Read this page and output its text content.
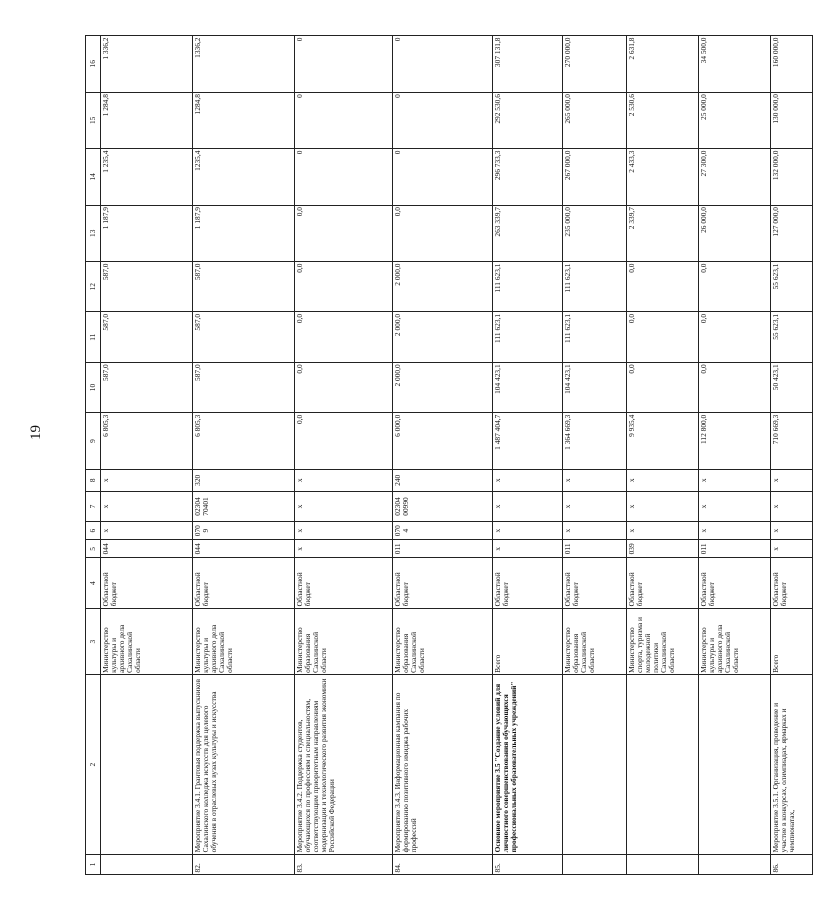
19
1	2	3	4	5	6	7	8	9	10	11	12	13	14	15	16
		Министерство культуры и архивного дела Сахалинской области	Областной бюджет	044	x	x	x	6 805,3	587,0	587,0	587,0	1 187,9	1 235,4	1 284,8	1 336,2
82.	Мероприятие 3.4.1. Грантовая поддержка выпускников Сахалинского колледжа искусств для целевого обучения в отраслевых вузах культуры и искусства	Министерство культуры и архивного дела Сахалинской области	Областной бюджет	044	070 9	02304 70401	320	6 805,3	587,0	587,0	587,0	1 187,9	1235,4	1284,8	1336,2
83.	Мероприятие 3.4.2. Поддержка студентов, обучающихся по профессиям и специальностям, соответствующим приоритетным направлениям модернизации и технологического развития экономики Российской Федерации	Министерство образования Сахалинской области	Областной бюджет	x	x	x	x	0,0	0,0	0,0	0,0	0,0	0	0	0
84.	Мероприятие 3.4.3. Информационная кампания по формированию позитивного имиджа рабочих профессий	Министерство образования Сахалинской области	Областной бюджет	011	070 4	02304 00990	240	6 000,0	2 000,0	2 000,0	2 000,0	0,0	0	0	0
85.	Основное мероприятие 3.5 "Создание условий для личностного совершенствования обучающихся профессиональных образовательных учреждений"	Всего	Областной бюджет	x	x	x	x	1 487 404,7	104 423,1	111 623,1	111 623,1	263 339,7	296 733,3	292 530,6	307 131,8
		Министерство образования Сахалинской области	Областной бюджет	011	x	x	x	1 364 669,3	104 423,1	111 623,1	111 623,1	235 000,0	267 000,0	265 000,0	270 000,0
		Министерство спорта, туризма и молодежной политики Сахалинской области	Областной бюджет	039	x	x	x	9 935,4	0,0	0,0	0,0	2 339,7	2 433,3	2 530,6	2 631,8
		Министерство культуры и архивного дела Сахалинской области	Областной бюджет	011	x	x	x	112 800,0	0,0	0,0	0,0	26 000,0	27 300,0	25 000,0	34 500,0
86.	Мероприятие 3.5.1. Организация, проведение и участие в конкурсах, олимпиадах, ярмарках и чемпионатах,	Всего	Областной бюджет	x	x	x	x	710 669,3	50 423,1	55 623,1	55 623,1	127 000,0	132 000,0	130 000,0	160 000,0
